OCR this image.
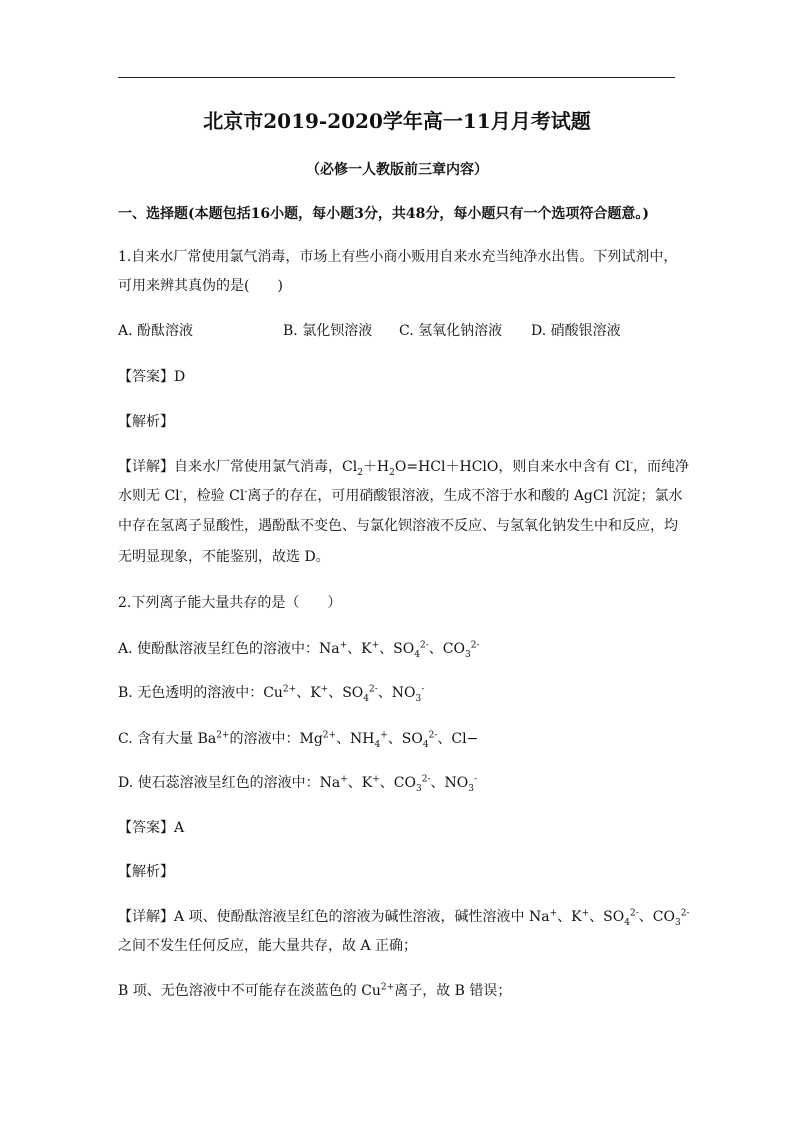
北京市2019-2020学年高一11月月考试题
（必修一人教版前三章内容）
一、选择题(本题包括16小题，每小题3分，共48分，每小题只有一个选项符合题意。)
1.自来水厂常使用氯气消毒，市场上有些小商小贩用自来水充当纯净水出售。下列试剂中，
可用来辨其真伪的是(　　)
A. 酚酞溶液	B. 氯化钡溶液 C. 氢氧化钠溶液 D. 硝酸银溶液
【答案】D
【解析】
【详解】自来水厂常使用氯气消毒，$Cl_2+H_2O=HCl+HClO$，则自来水中含有 Cl-，而纯净
水则无 Cl-，检验 Cl-离子的存在，可用硝酸银溶液，生成不溶于水和酸的 AgCl 沉淀；氯水
中存在氢离子显酸性，遇酚酞不变色、与氯化钡溶液不反应、与氢氧化钠发生中和反应，均
无明显现象，不能鉴别，故选 D。
2.下列离子能大量共存的是（　　）
A. 使酚酞溶液呈红色的溶液中：Na+、K+、$SO_4^{2-}$、$CO_3^{2-}$
B. 无色透明的溶液中：$Cu^{2+}$、K+、$SO_4^{2-}$、$NO_3^-$
C. 含有大量 $Ba^{2+}$的溶液中：$Mg^{2+}$、$NH_4^+$、$SO_4^{2-}$、Cl−
D. 使石蕊溶液呈红色的溶液中：Na+、K+、$CO_3^{2-}$、$NO_3^-$
【答案】A
【解析】
【详解】A 项、使酚酞溶液呈红色的溶液为碱性溶液，碱性溶液中 Na+、K+、$SO_4^{2-}$、$CO_3^{2-}$
之间不发生任何反应，能大量共存，故 A 正确；
B 项、无色溶液中不可能存在淡蓝色的 $Cu^{2+}$离子，故 B 错误；
